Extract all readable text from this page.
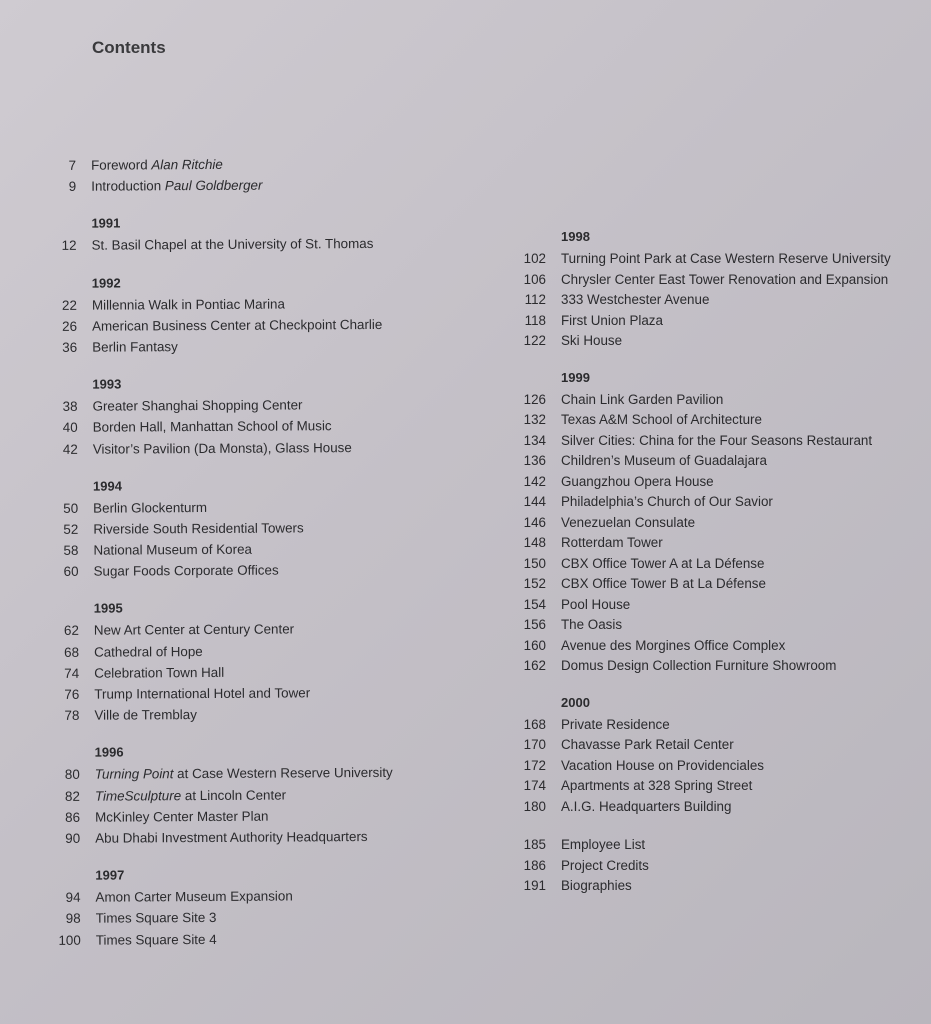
Contents
7 Foreword Alan Ritchie
9 Introduction Paul Goldberger
1991
12 St. Basil Chapel at the University of St. Thomas
1992
22 Millennia Walk in Pontiac Marina
26 American Business Center at Checkpoint Charlie
36 Berlin Fantasy
1993
38 Greater Shanghai Shopping Center
40 Borden Hall, Manhattan School of Music
42 Visitor’s Pavilion (Da Monsta), Glass House
1994
50 Berlin Glockenturm
52 Riverside South Residential Towers
58 National Museum of Korea
60 Sugar Foods Corporate Offices
1995
62 New Art Center at Century Center
68 Cathedral of Hope
74 Celebration Town Hall
76 Trump International Hotel and Tower
78 Ville de Tremblay
1996
80 Turning Point at Case Western Reserve University
82 TimeSculpture at Lincoln Center
86 McKinley Center Master Plan
90 Abu Dhabi Investment Authority Headquarters
1997
94 Amon Carter Museum Expansion
98 Times Square Site 3
100 Times Square Site 4
1998
102 Turning Point Park at Case Western Reserve University
106 Chrysler Center East Tower Renovation and Expansion
112 333 Westchester Avenue
118 First Union Plaza
122 Ski House
1999
126 Chain Link Garden Pavilion
132 Texas A&M School of Architecture
134 Silver Cities: China for the Four Seasons Restaurant
136 Children’s Museum of Guadalajara
142 Guangzhou Opera House
144 Philadelphia’s Church of Our Savior
146 Venezuelan Consulate
148 Rotterdam Tower
150 CBX Office Tower A at La Défense
152 CBX Office Tower B at La Défense
154 Pool House
156 The Oasis
160 Avenue des Morgines Office Complex
162 Domus Design Collection Furniture Showroom
2000
168 Private Residence
170 Chavasse Park Retail Center
172 Vacation House on Providenciales
174 Apartments at 328 Spring Street
180 A.I.G. Headquarters Building
185 Employee List
186 Project Credits
191 Biographies
